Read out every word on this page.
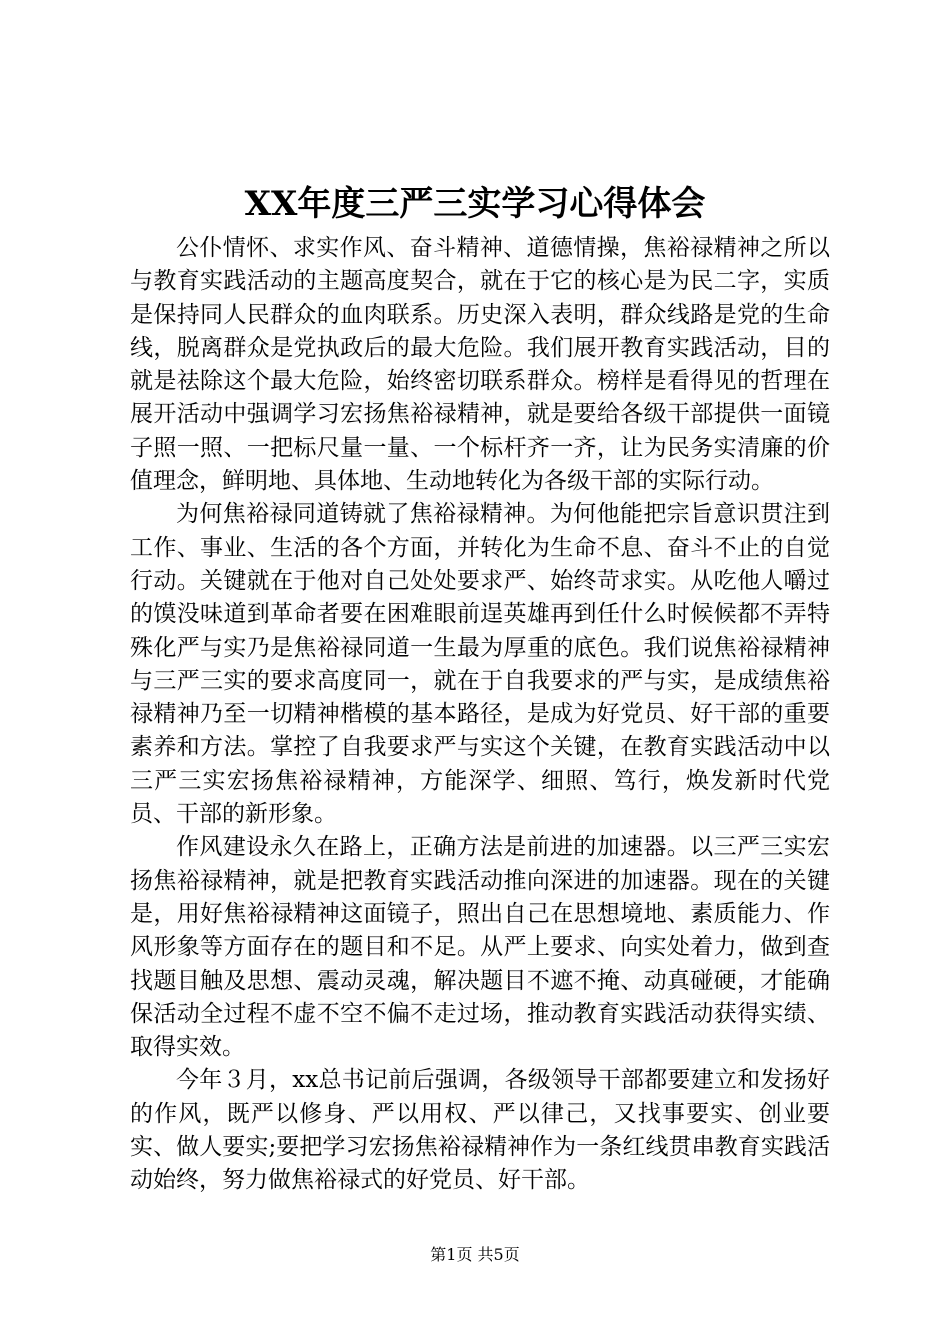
XX年度三严三实学习心得体会

公仆情怀、求实作风、奋斗精神、道德情操，焦裕禄精神之所以与教育实践活动的主题高度契合，就在于它的核心是为民二字，实质是保持同人民群众的血肉联系。历史深入表明，群众线路是党的生命线，脱离群众是党执政后的最大危险。我们展开教育实践活动，目的就是祛除这个最大危险，始终密切联系群众。榜样是看得见的哲理在展开活动中强调学习宏扬焦裕禄精神，就是要给各级干部提供一面镜子照一照、一把标尺量一量、一个标杆齐一齐，让为民务实清廉的价值理念，鲜明地、具体地、生动地转化为各级干部的实际行动。

为何焦裕禄同道铸就了焦裕禄精神。为何他能把宗旨意识贯注到工作、事业、生活的各个方面，并转化为生命不息、奋斗不止的自觉行动。关键就在于他对自己处处要求严、始终苛求实。从吃他人嚼过的馍没味道到革命者要在困难眼前逞英雄再到任什么时候候都不弄特殊化严与实乃是焦裕禄同道一生最为厚重的底色。我们说焦裕禄精神与三严三实的要求高度同一，就在于自我要求的严与实，是成绩焦裕禄精神乃至一切精神楷模的基本路径，是成为好党员、好干部的重要素养和方法。掌控了自我要求严与实这个关键，在教育实践活动中以三严三实宏扬焦裕禄精神，方能深学、细照、笃行，焕发新时代党员、干部的新形象。

作风建设永久在路上，正确方法是前进的加速器。以三严三实宏扬焦裕禄精神，就是把教育实践活动推向深进的加速器。现在的关键是，用好焦裕禄精神这面镜子，照出自己在思想境地、素质能力、作风形象等方面存在的题目和不足。从严上要求、向实处着力，做到查找题目触及思想、震动灵魂，解决题目不遮不掩、动真碰硬，才能确保活动全过程不虚不空不偏不走过场，推动教育实践活动获得实绩、取得实效。

今年３月，xx总书记前后强调，各级领导干部都要建立和发扬好的作风，既严以修身、严以用权、严以律己，又找事要实、创业要实、做人要实;要把学习宏扬焦裕禄精神作为一条红线贯串教育实践活动始终，努力做焦裕禄式的好党员、好干部。

第1页 共5页
